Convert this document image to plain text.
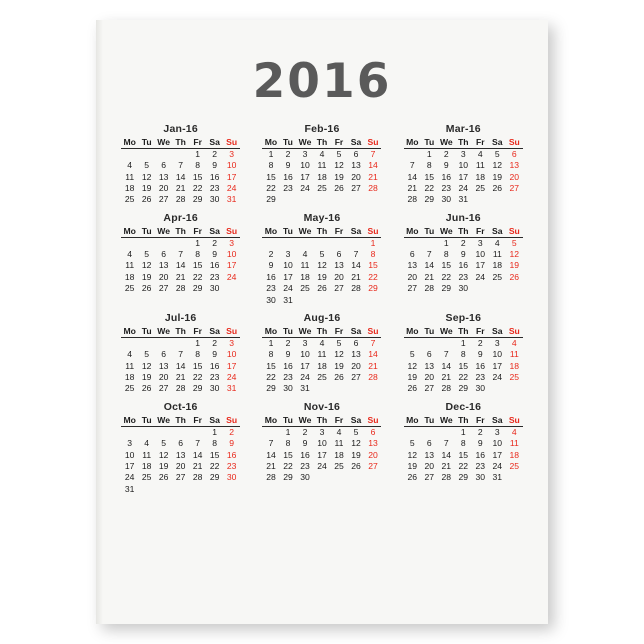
2016
Jan-16
Mo	Tu	We	Th	Fr	Sa	Su
				1	2	3
4	5	6	7	8	9	10
11	12	13	14	15	16	17
18	19	20	21	22	23	24
25	26	27	28	29	30	31
Feb-16
Mo	Tu	We	Th	Fr	Sa	Su
1	2	3	4	5	6	7
8	9	10	11	12	13	14
15	16	17	18	19	20	21
22	23	24	25	26	27	28
29						
Mar-16
Mo	Tu	We	Th	Fr	Sa	Su
	1	2	3	4	5	6
7	8	9	10	11	12	13
14	15	16	17	18	19	20
21	22	23	24	25	26	27
28	29	30	31			
Apr-16
Mo	Tu	We	Th	Fr	Sa	Su
				1	2	3
4	5	6	7	8	9	10
11	12	13	14	15	16	17
18	19	20	21	22	23	24
25	26	27	28	29	30	
May-16
Mo	Tu	We	Th	Fr	Sa	Su
						1
2	3	4	5	6	7	8
9	10	11	12	13	14	15
16	17	18	19	20	21	22
23	24	25	26	27	28	29
30	31					
Jun-16
Mo	Tu	We	Th	Fr	Sa	Su
		1	2	3	4	5
6	7	8	9	10	11	12
13	14	15	16	17	18	19
20	21	22	23	24	25	26
27	28	29	30			
Jul-16
Mo	Tu	We	Th	Fr	Sa	Su
				1	2	3
4	5	6	7	8	9	10
11	12	13	14	15	16	17
18	19	20	21	22	23	24
25	26	27	28	29	30	31
Aug-16
Mo	Tu	We	Th	Fr	Sa	Su
1	2	3	4	5	6	7
8	9	10	11	12	13	14
15	16	17	18	19	20	21
22	23	24	25	26	27	28
29	30	31				
Sep-16
Mo	Tu	We	Th	Fr	Sa	Su
			1	2	3	4
5	6	7	8	9	10	11
12	13	14	15	16	17	18
19	20	21	22	23	24	25
26	27	28	29	30		
Oct-16
Mo	Tu	We	Th	Fr	Sa	Su
					1	2
3	4	5	6	7	8	9
10	11	12	13	14	15	16
17	18	19	20	21	22	23
24	25	26	27	28	29	30
31						
Nov-16
Mo	Tu	We	Th	Fr	Sa	Su
	1	2	3	4	5	6
7	8	9	10	11	12	13
14	15	16	17	18	19	20
21	22	23	24	25	26	27
28	29	30				
Dec-16
Mo	Tu	We	Th	Fr	Sa	Su
			1	2	3	4
5	6	7	8	9	10	11
12	13	14	15	16	17	18
19	20	21	22	23	24	25
26	27	28	29	30	31	
